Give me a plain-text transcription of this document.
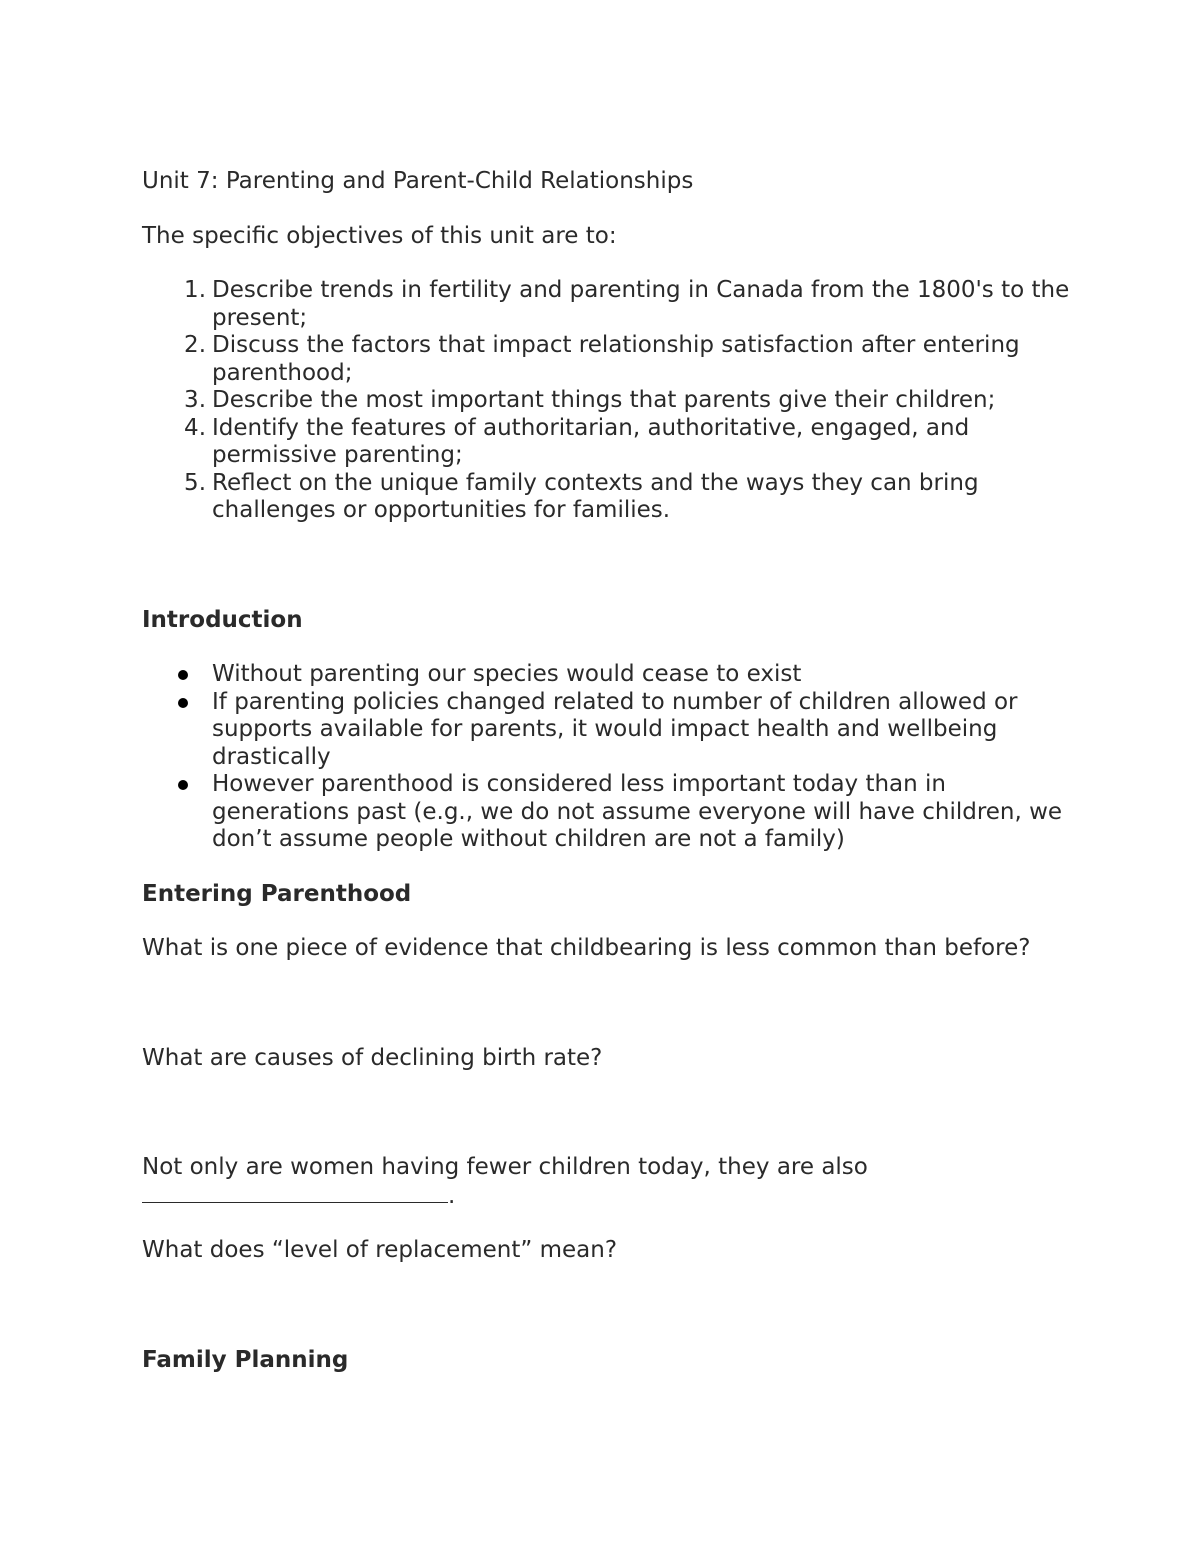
Unit 7: Parenting and Parent-Child Relationships

The specific objectives of this unit are to:

Describe trends in fertility and parenting in Canada from the 1800's to the present;
Discuss the factors that impact relationship satisfaction after entering parenthood;
Describe the most important things that parents give their children;
Identify the features of authoritarian, authoritative, engaged, and permissive parenting;
Reflect on the unique family contexts and the ways they can bring challenges or opportunities for families.
Introduction
Without parenting our species would cease to exist
If parenting policies changed related to number of children allowed or supports available for parents, it would impact health and wellbeing drastically
However parenthood is considered less important today than in generations past (e.g., we do not assume everyone will have children, we don’t assume people without children are not a family)
Entering Parenthood

What is one piece of evidence that childbearing is less common than before?

What are causes of declining birth rate?

Not only are women having fewer children today, they are also
.

What does “level of replacement” mean?

Family Planning
